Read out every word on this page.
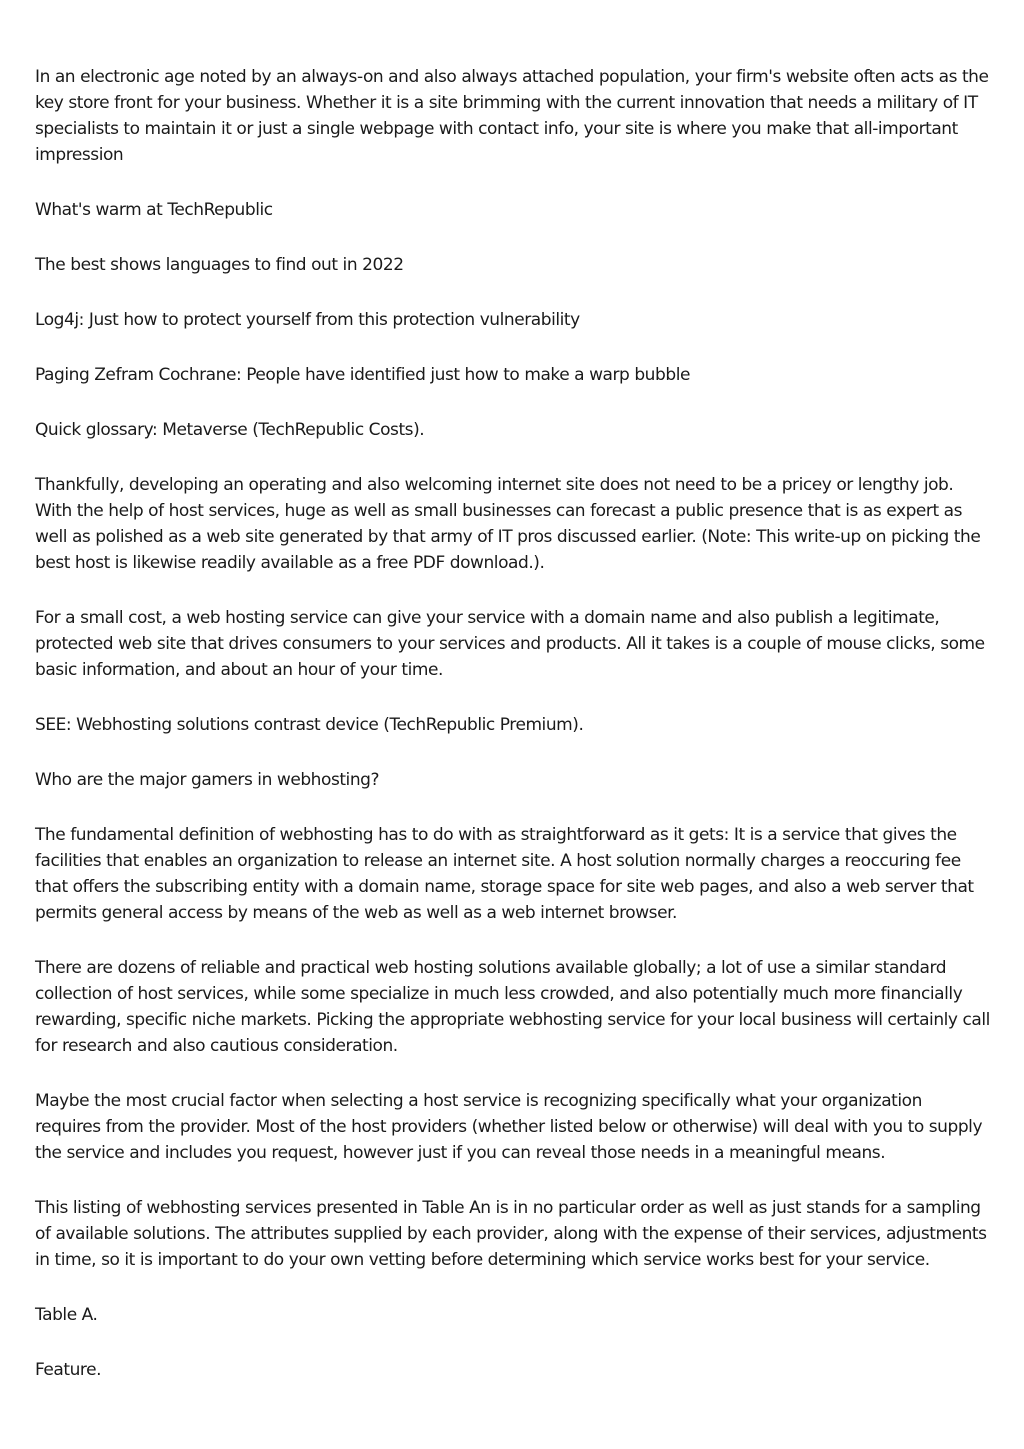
In an electronic age noted by an always-on and also always attached population, your firm's website often acts as the key store front for your business. Whether it is a site brimming with the current innovation that needs a military of IT specialists to maintain it or just a single webpage with contact info, your site is where you make that all-important impression

What's warm at TechRepublic

The best shows languages to find out in 2022

Log4j: Just how to protect yourself from this protection vulnerability

Paging Zefram Cochrane: People have identified just how to make a warp bubble

Quick glossary: Metaverse (TechRepublic Costs).

Thankfully, developing an operating and also welcoming internet site does not need to be a pricey or lengthy job. With the help of host services, huge as well as small businesses can forecast a public presence that is as expert as well as polished as a web site generated by that army of IT pros discussed earlier. (Note: This write-up on picking the best host is likewise readily available as a free PDF download.).

For a small cost, a web hosting service can give your service with a domain name and also publish a legitimate, protected web site that drives consumers to your services and products. All it takes is a couple of mouse clicks, some basic information, and about an hour of your time.

SEE: Webhosting solutions contrast device (TechRepublic Premium).

Who are the major gamers in webhosting?

The fundamental definition of webhosting has to do with as straightforward as it gets: It is a service that gives the facilities that enables an organization to release an internet site. A host solution normally charges a reoccuring fee that offers the subscribing entity with a domain name, storage space for site web pages, and also a web server that permits general access by means of the web as well as a web internet browser.

There are dozens of reliable and practical web hosting solutions available globally; a lot of use a similar standard collection of host services, while some specialize in much less crowded, and also potentially much more financially rewarding, specific niche markets. Picking the appropriate webhosting service for your local business will certainly call for research and also cautious consideration.

Maybe the most crucial factor when selecting a host service is recognizing specifically what your organization requires from the provider. Most of the host providers (whether listed below or otherwise) will deal with you to supply the service and includes you request, however just if you can reveal those needs in a meaningful means.

This listing of webhosting services presented in Table An is in no particular order as well as just stands for a sampling of available solutions. The attributes supplied by each provider, along with the expense of their services, adjustments in time, so it is important to do your own vetting before determining which service works best for your service.

Table A.

Feature.
